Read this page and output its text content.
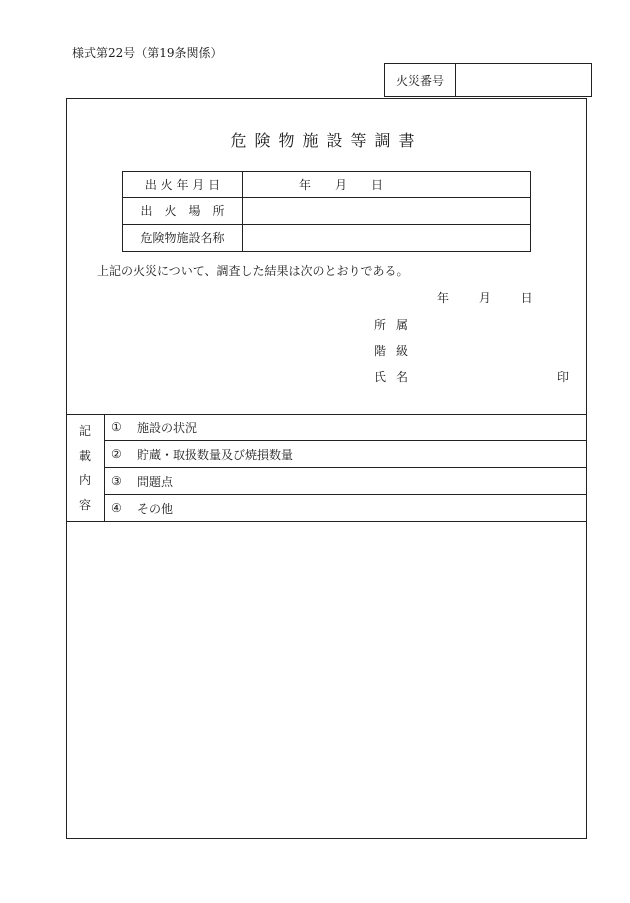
様式第22号（第19条関係）
火災番号
危険物施設等調書
出 火 年 月 日	年	月	日
出　火　場　所
危険物施設名称
上記の火災について、調査した結果は次のとおりである。
年 月 日
所属
階級
氏名	印
記
載
内
容
①	施設の状況
②	貯蔵・取扱数量及び焼損数量
③	問題点
④	その他
